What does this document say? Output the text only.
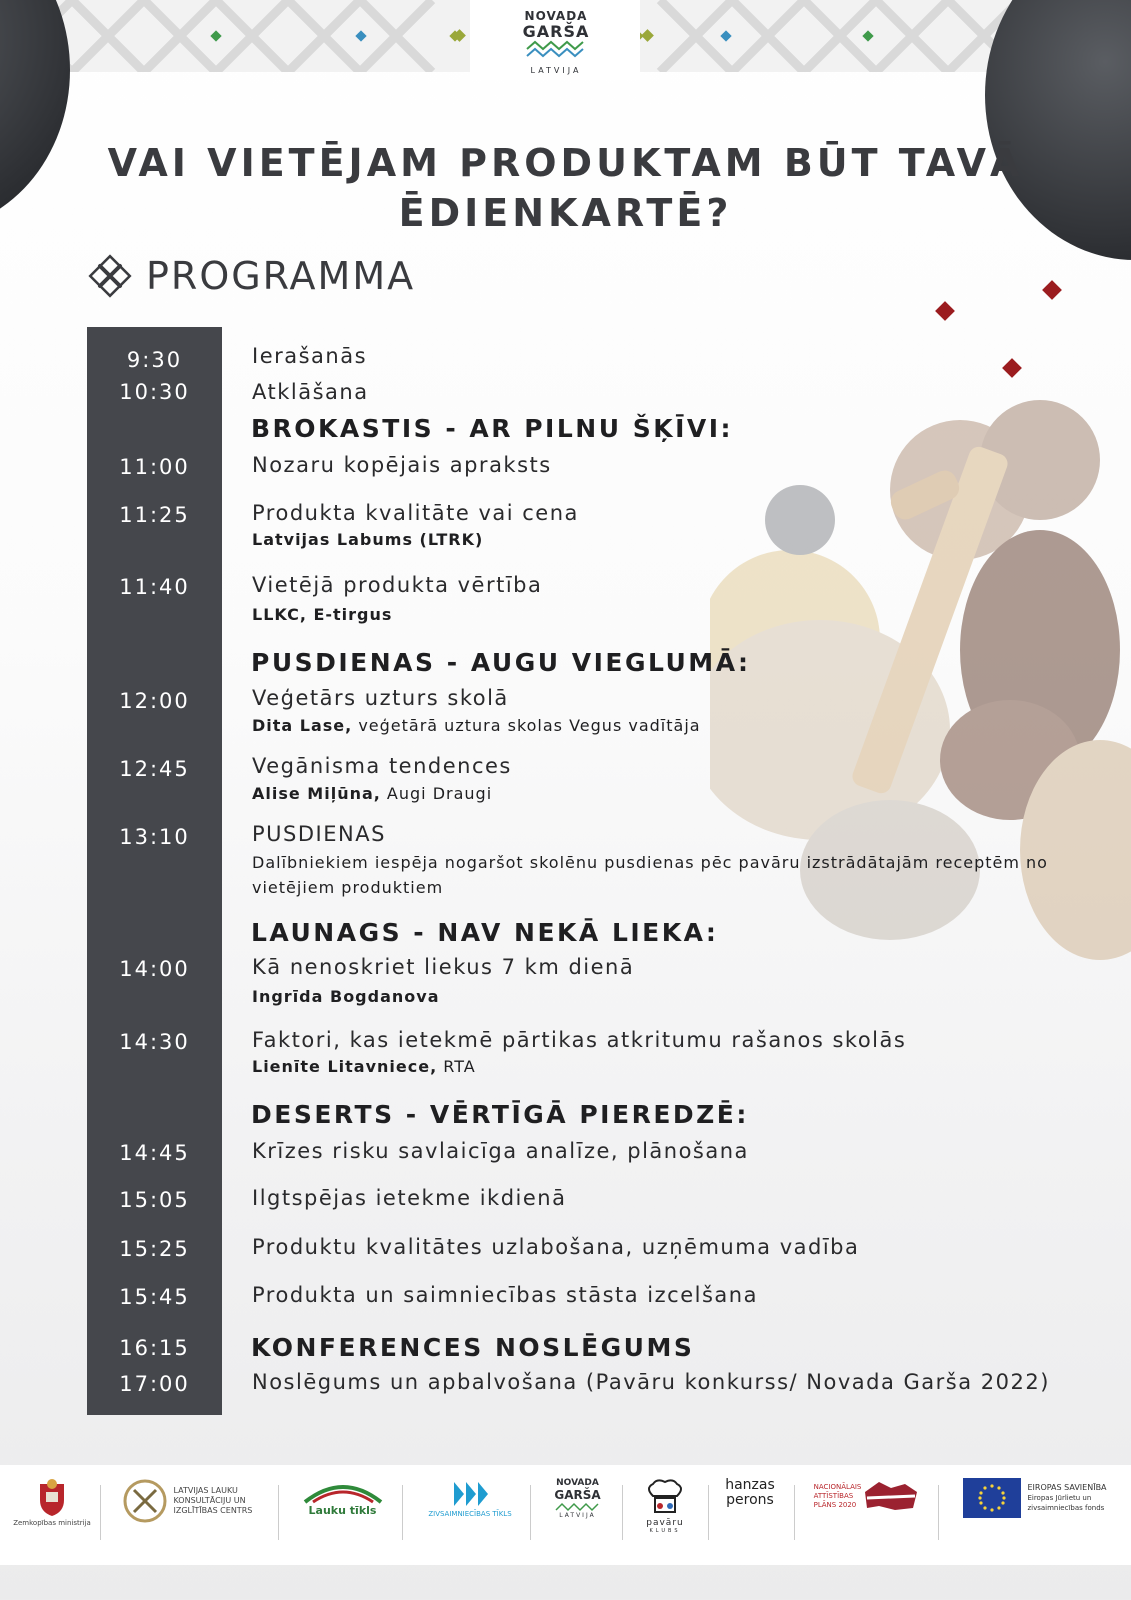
NOVADA
GARŠA
LATVIJA
VAI VIETĒJAM PRODUKTAM BŪT TAVĀ
ĒDIENKARTĒ?
PROGRAMMA
9:30	Ierašanās
10:30	Atklāšana
BROKASTIS - AR PILNU ŠĶĪVI:
11:00	Nozaru kopējais apraksts
11:25	Produkta kvalitāte vai cena
Latvijas Labums (LTRK)
11:40	Vietējā produkta vērtība
LLKC, E-tirgus
PUSDIENAS - AUGU VIEGLUMĀ:
12:00	Veģetārs uzturs skolā
Dita Lase, veģetārā uztura skolas Vegus vadītāja
12:45	Vegānisma tendences
Alise Miļūna, Augi Draugi
13:10	PUSDIENAS
Dalībniekiem iespēja nogaršot skolēnu pusdienas pēc pavāru izstrādātajām receptēm no vietējiem produktiem
LAUNAGS - NAV NEKĀ LIEKA:
14:00	Kā nenoskriet liekus 7 km dienā
Ingrīda Bogdanova
14:30	Faktori, kas ietekmē pārtikas atkritumu rašanos skolās
Lienīte Litavniece, RTA
DESERTS - VĒRTĪGĀ PIEREDZĒ:
14:45	Krīzes risku savlaicīga analīze, plānošana
15:05	Ilgtspējas ietekme ikdienā
15:25	Produktu kvalitātes uzlabošana, uzņēmuma vadība
15:45	Produkta un saimniecības stāsta izcelšana
16:15	KONFERENCES NOSLĒGUMS
17:00	Noslēgums un apbalvošana (Pavāru konkurss/ Novada Garša 2022)
Zemkopības ministrija
LATVIJAS LAUKU KONSULTĀCIJU UN IZGLĪTĪBAS CENTRS	Lauku tīkls	ZIVSAIMNIECĪBAS TĪKLS
NOVADA
GARŠA
LATVIJA
pavāru
KLUBS
hanzas
perons
NACIONĀLAIS
ATTĪSTĪBAS
PLĀNS 2020
EIROPAS SAVIENĪBA
Eiropas Jūrlietu un
zivsaimniecības fonds
